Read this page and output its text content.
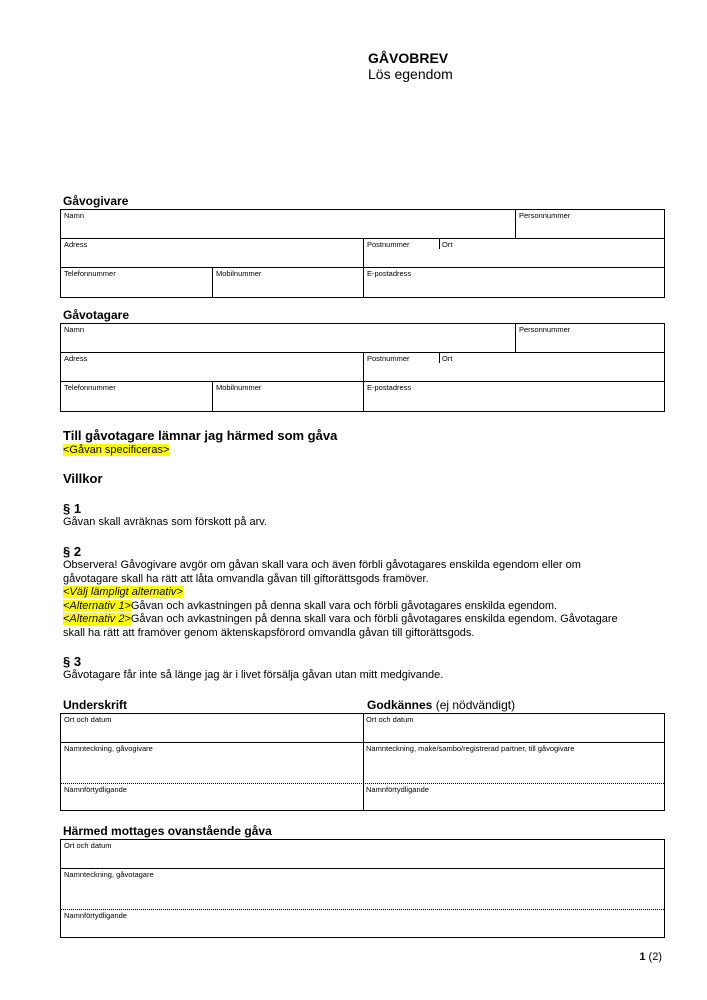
GÅVOBREV
Lös egendom
Gåvogivare
Namn	Personnummer
Adress	Postnummer	Ort
Telefonnummer	Mobilnummer	E-postadress
Gåvotagare
Namn	Personnummer
Adress	Postnummer	Ort
Telefonnummer	Mobilnummer	E-postadress
Till gåvotagare lämnar jag härmed som gåva
<Gåvan specificeras>
Villkor
§ 1
Gåvan skall avräknas som förskott på arv.
§ 2
Observera! Gåvogivare avgör om gåvan skall vara och även förbli gåvotagares enskilda egendom eller om
gåvotagare skall ha rätt att låta omvandla gåvan till giftorättsgods framöver.
<Välj lämpligt alternativ>
<Alternativ 1>Gåvan och avkastningen på denna skall vara och förbli gåvotagares enskilda egendom.
<Alternativ 2>Gåvan och avkastningen på denna skall vara och förbli gåvotagares enskilda egendom. Gåvotagare
skall ha rätt att framöver genom äktenskapsförord omvandla gåvan till giftorättsgods.
§ 3
Gåvotagare får inte så länge jag är i livet försälja gåvan utan mitt medgivande.
Underskrift	Godkännes (ej nödvändigt)
Ort och datum	Ort och datum
Namnteckning, gåvogivare	Namnteckning, make/sambo/registrerad partner, till gåvogivare
Namnförtydligande	Namnförtydligande
Härmed mottages ovanstående gåva
Ort och datum
Namnteckning, gåvotagare
Namnförtydligande
1 (2)
